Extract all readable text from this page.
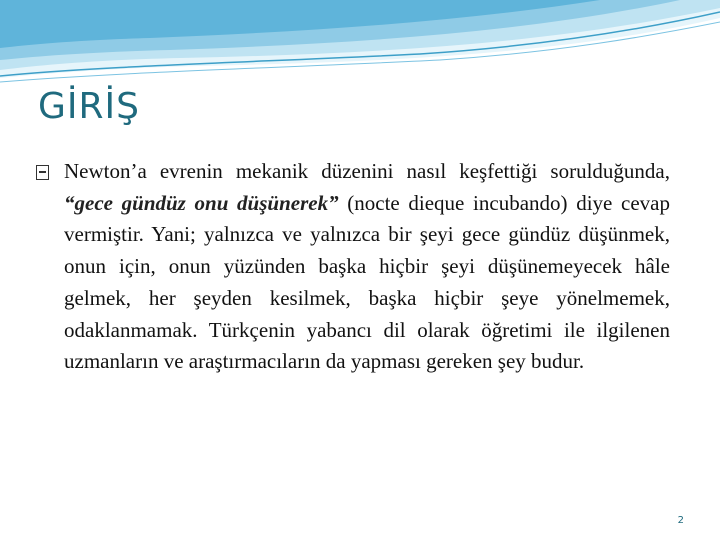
GİRİŞ

Newton’a evrenin mekanik düzenini nasıl keşfettiği sorulduğunda, “gece gündüz onu düşünerek” (nocte dieque incubando) diye cevap vermiştir. Yani; yalnızca ve yalnızca bir şeyi gece gündüz düşünmek, onun için, onun yüzünden başka hiçbir şeyi düşünemeyecek hâle gelmek, her şeyden kesilmek, başka hiçbir şeye yönelmemek, odaklanmamak. Türkçenin yabancı dil olarak öğretimi ile ilgilenen uzmanların ve araştırmacıların da yapması gereken şey budur.

2
